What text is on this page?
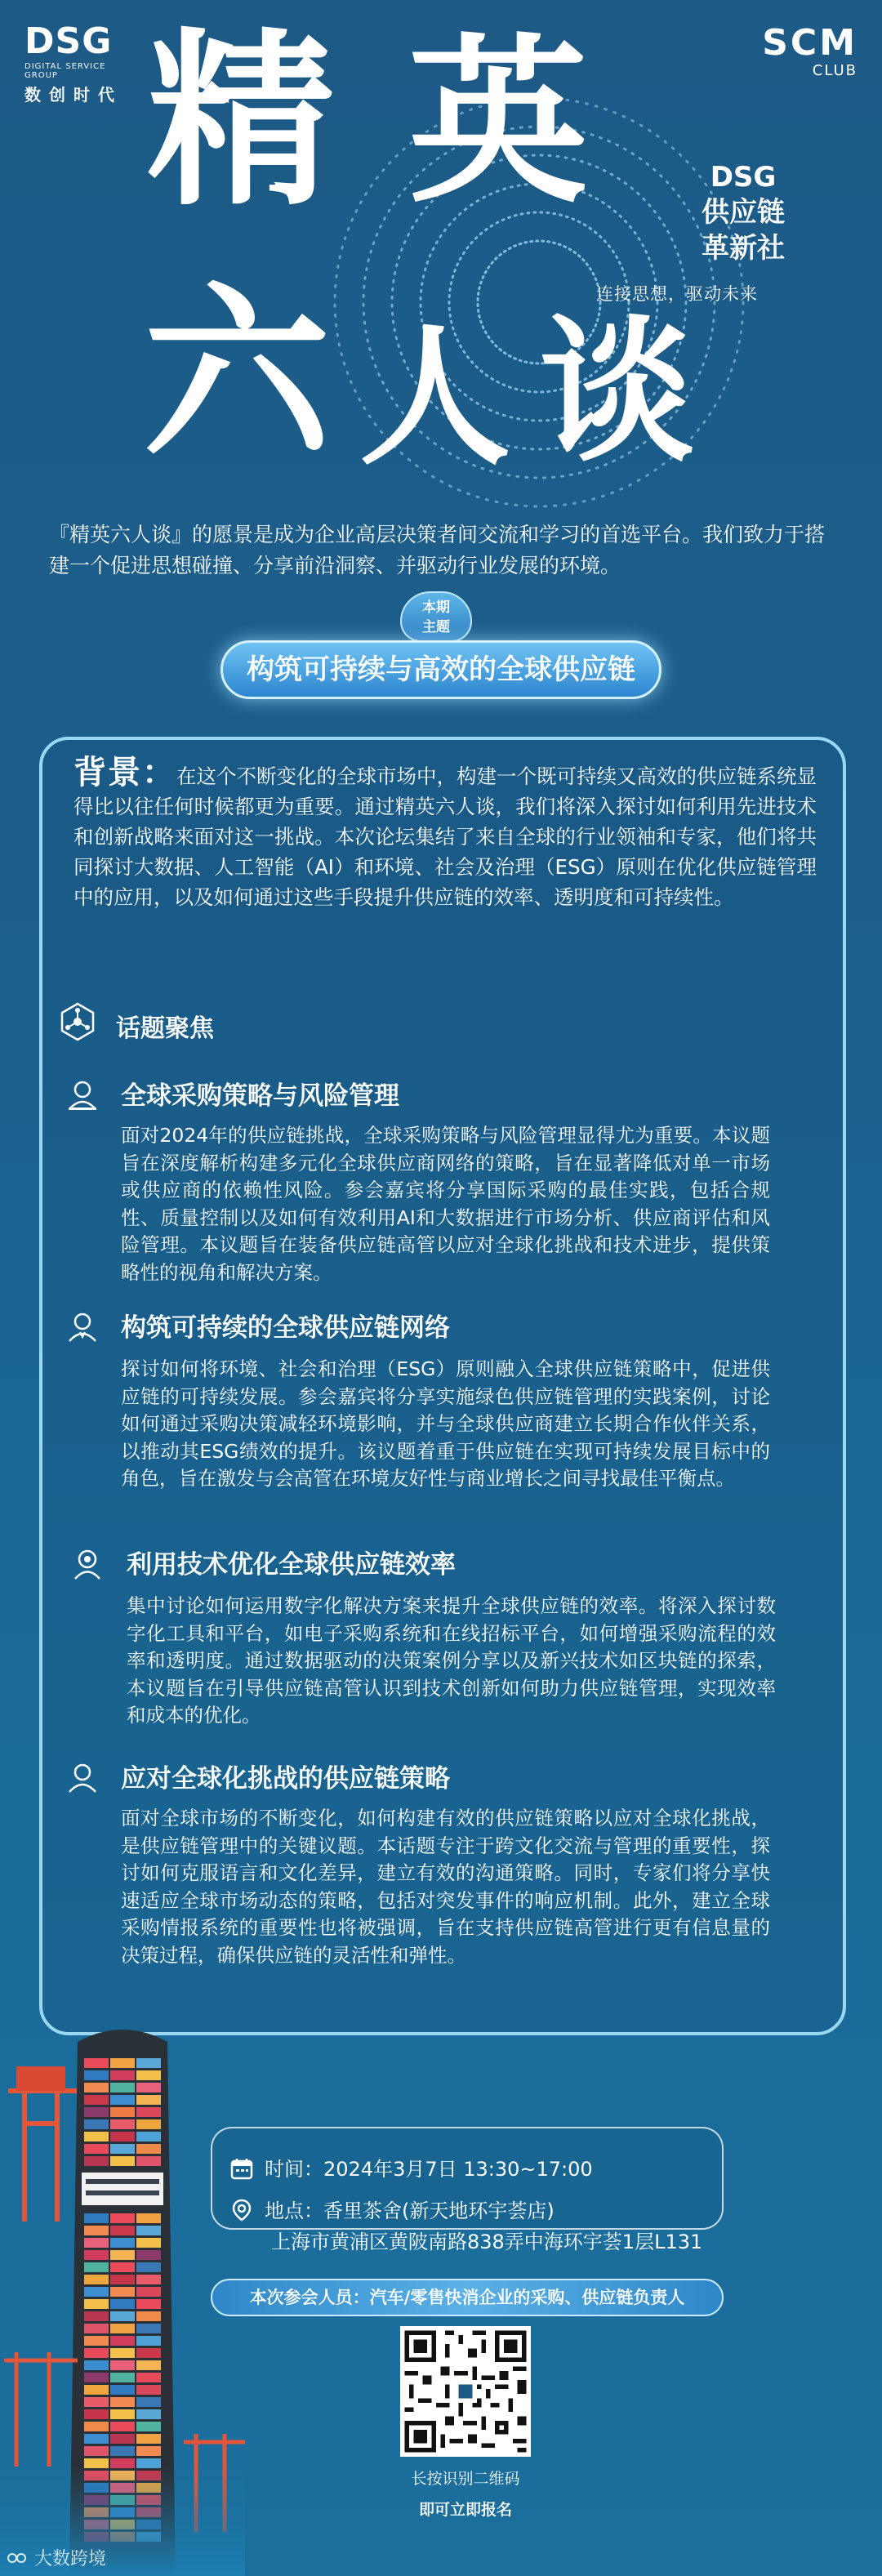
DSG
DIGITAL SERVICE GROUP
数创时代
SCM
CLUB
精 英
六 人 谈
DSG
供应链
革新社
连接思想，驱动未来
『精英六人谈』的愿景是成为企业高层决策者间交流和学习的首选平台。我们致力于搭建一个促进思想碰撞、分享前沿洞察、并驱动行业发展的环境。
本期
主题
构筑可持续与高效的全球供应链
背景：在这个不断变化的全球市场中，构建一个既可持续又高效的供应链系统显得比以往任何时候都更为重要。通过精英六人谈，我们将深入探讨如何利用先进技术和创新战略来面对这一挑战。本次论坛集结了来自全球的行业领袖和专家，他们将共同探讨大数据、人工智能（AI）和环境、社会及治理（ESG）原则在优化供应链管理中的应用，以及如何通过这些手段提升供应链的效率、透明度和可持续性。
话题聚焦
全球采购策略与风险管理
面对2024年的供应链挑战，全球采购策略与风险管理显得尤为重要。本议题旨在深度解析构建多元化全球供应商网络的策略，旨在显著降低对单一市场或供应商的依赖性风险。参会嘉宾将分享国际采购的最佳实践，包括合规性、质量控制以及如何有效利用AI和大数据进行市场分析、供应商评估和风险管理。本议题旨在装备供应链高管以应对全球化挑战和技术进步，提供策略性的视角和解决方案。
构筑可持续的全球供应链网络
探讨如何将环境、社会和治理（ESG）原则融入全球供应链策略中，促进供应链的可持续发展。参会嘉宾将分享实施绿色供应链管理的实践案例，讨论如何通过采购决策减轻环境影响，并与全球供应商建立长期合作伙伴关系，以推动其ESG绩效的提升。该议题着重于供应链在实现可持续发展目标中的角色，旨在激发与会高管在环境友好性与商业增长之间寻找最佳平衡点。
利用技术优化全球供应链效率
集中讨论如何运用数字化解决方案来提升全球供应链的效率。将深入探讨数字化工具和平台，如电子采购系统和在线招标平台，如何增强采购流程的效率和透明度。通过数据驱动的决策案例分享以及新兴技术如区块链的探索，本议题旨在引导供应链高管认识到技术创新如何助力供应链管理，实现效率和成本的优化。
应对全球化挑战的供应链策略
面对全球市场的不断变化，如何构建有效的供应链策略以应对全球化挑战，是供应链管理中的关键议题。本话题专注于跨文化交流与管理的重要性，探讨如何克服语言和文化差异，建立有效的沟通策略。同时，专家们将分享快速适应全球市场动态的策略，包括对突发事件的响应机制。此外，建立全球采购情报系统的重要性也将被强调，旨在支持供应链高管进行更有信息量的决策过程，确保供应链的灵活性和弹性。
时间：2024年3月7日 13:30~17:00
地点：香里茶舍(新天地环宇荟店)
上海市黄浦区黄陂南路838弄中海环宇荟1层L131
本次参会人员：汽车/零售快消企业的采购、供应链负责人
长按识别二维码
即可立即报名
大数跨境
